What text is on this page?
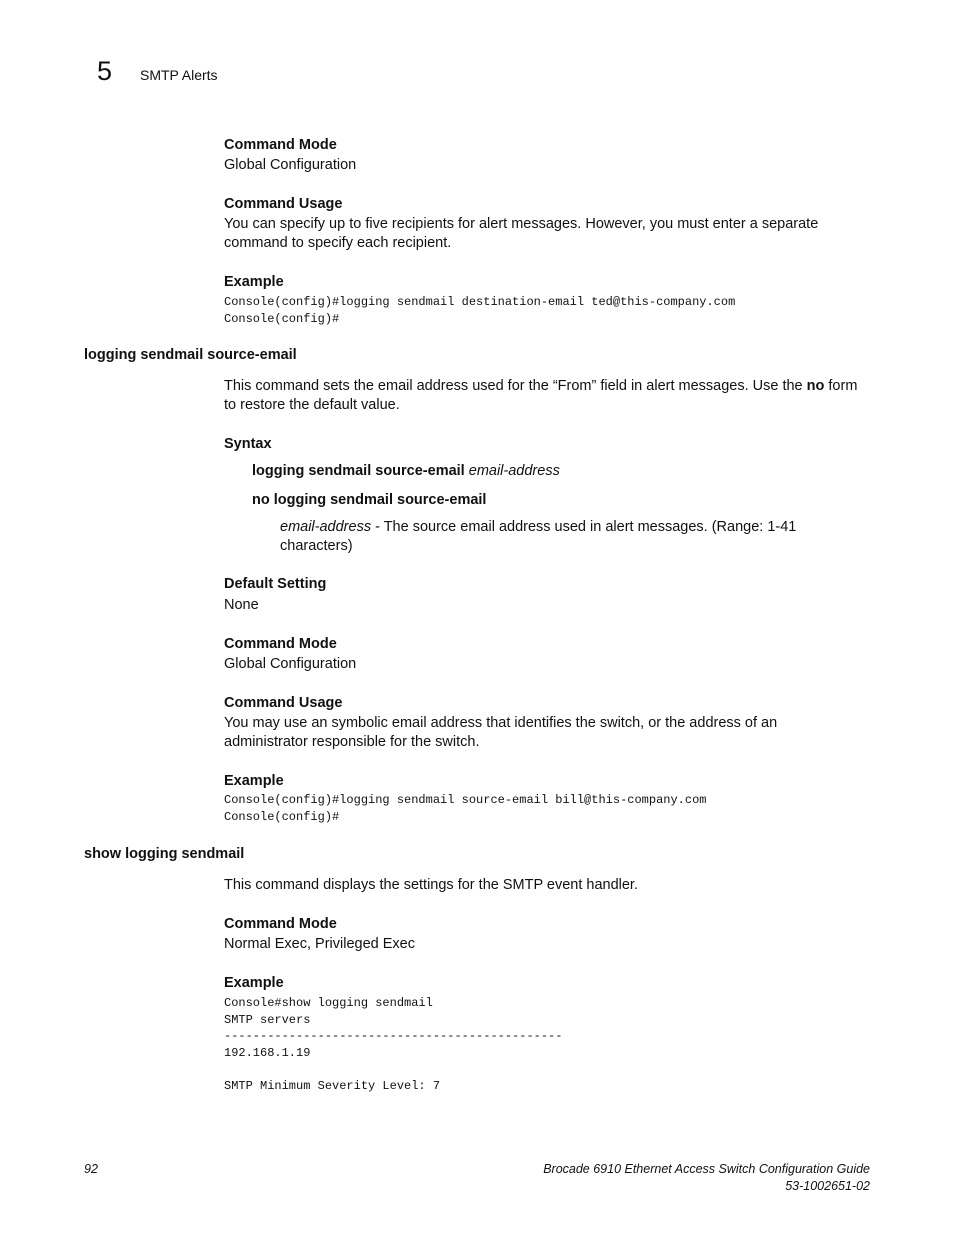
5 SMTP Alerts
Command Mode
Global Configuration
Command Usage
You can specify up to five recipients for alert messages. However, you must enter a separate command to specify each recipient.
Example
Console(config)#logging sendmail destination-email ted@this-company.com
Console(config)#
logging sendmail source-email
This command sets the email address used for the “From” field in alert messages. Use the no form to restore the default value.
Syntax
logging sendmail source-email email-address
no logging sendmail source-email
email-address - The source email address used in alert messages. (Range: 1-41 characters)
Default Setting
None
Command Mode
Global Configuration
Command Usage
You may use an symbolic email address that identifies the switch, or the address of an administrator responsible for the switch.
Example
Console(config)#logging sendmail source-email bill@this-company.com
Console(config)#
show logging sendmail
This command displays the settings for the SMTP event handler.
Command Mode
Normal Exec, Privileged Exec
Example
Console#show logging sendmail
SMTP servers
-----------------------------------------------
192.168.1.19

SMTP Minimum Severity Level: 7
92	Brocade 6910 Ethernet Access Switch Configuration Guide
53-1002651-02
